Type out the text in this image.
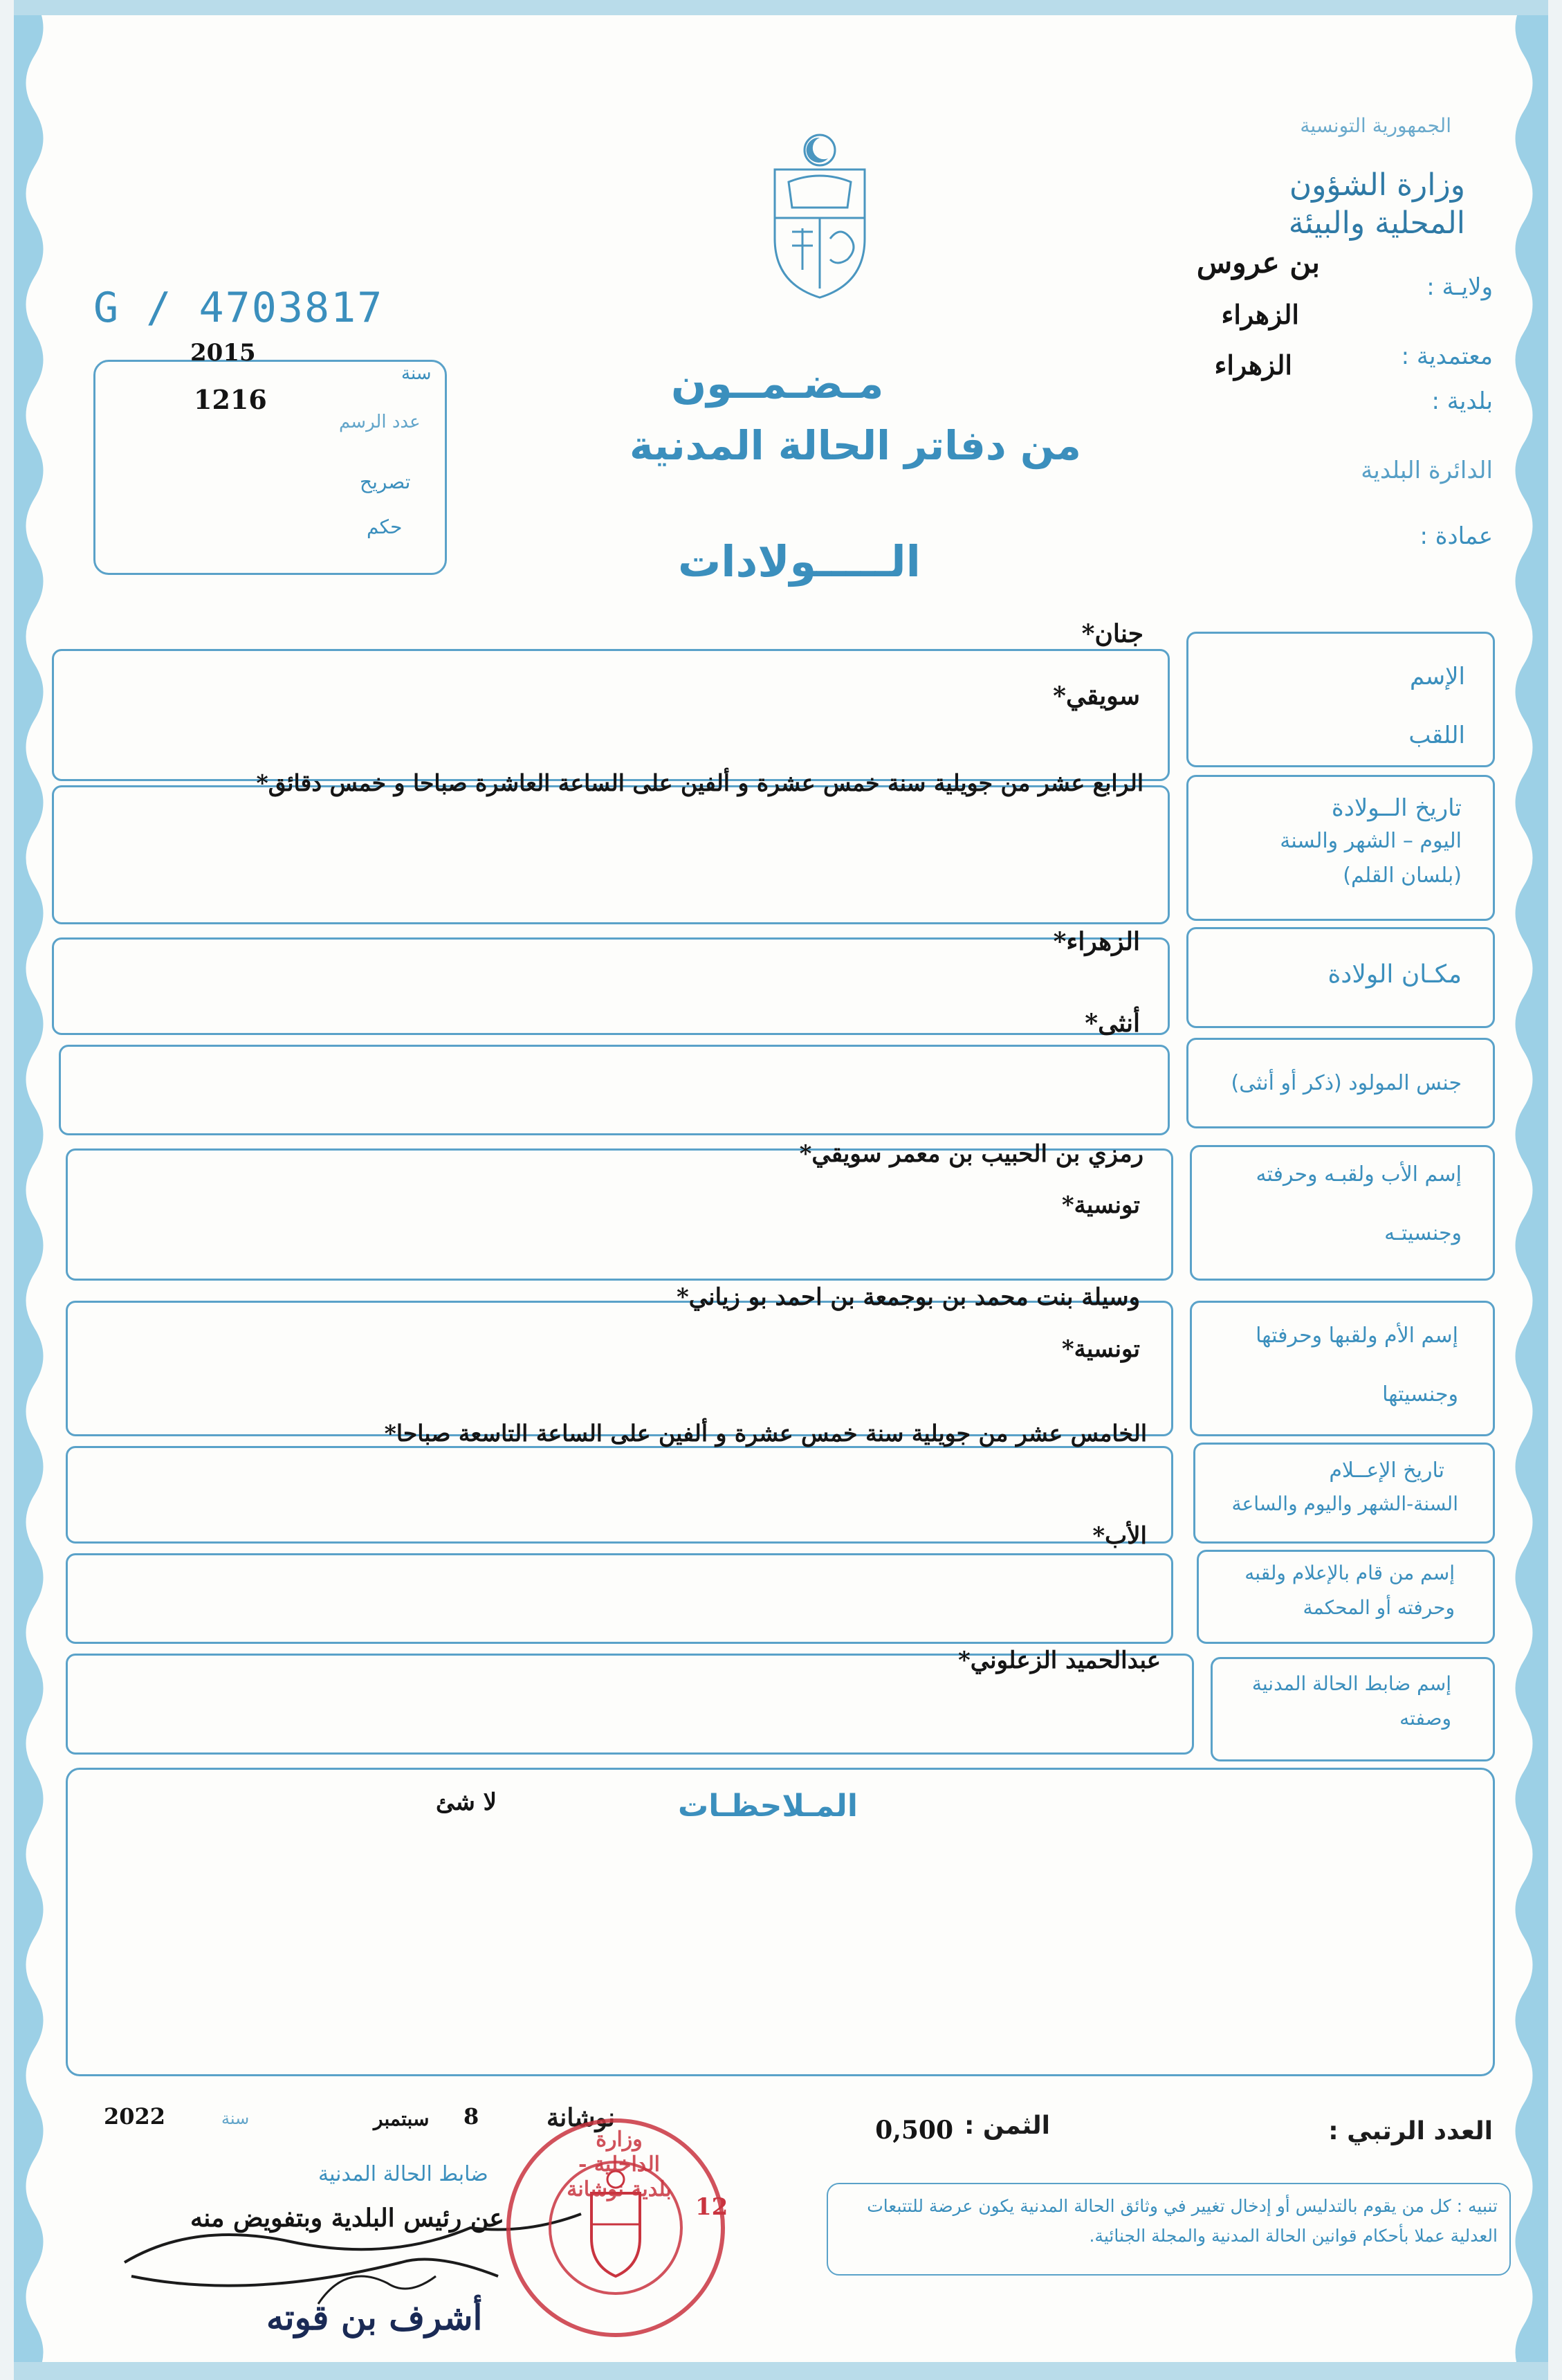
الجمهورية التونسية
وزارة الشؤون المحلية والبيئة
ولايـة :
بن عروس
معتمدية :
الزهراء
بلدية :
الزهراء
الدائرة البلدية
عمادة :
G / 4703817
سنة
2015
عدد الرسم
1216
تصريح
حكم
مـضـمــون
من دفاتر الحالة المدنية
الـــــولادات
الإسم
اللقب
جنان*
سويقي*
تاريخ الــولادة
اليوم – الشهر والسنة
(بلسان القلم)
الرابع عشر من جويلية سنة خمس عشرة و ألفين على الساعة العاشرة صباحا و خمس دقائق*
مكـان الولادة
الزهراء*
جنس المولود (ذكر أو أنثى)
أنثى*
إسم الأب ولقبـه وحرفته
وجنسيتـه
رمزي بن الحبيب بن معمر سويقي*
تونسية*
إسم الأم ولقبها وحرفتها
وجنسيتها
وسيلة بنت محمد بن بوجمعة بن احمد بو زياني*
تونسية*
تاريخ الإعــلام
السنة-الشهر واليوم والساعة
الخامس عشر من جويلية سنة خمس عشرة و ألفين على الساعة التاسعة صباحا*
إسم من قام بالإعلام ولقبه
وحرفته أو المحكمة
الأب*
إسم ضابط الحالة المدنية
وصفته
عبدالحميد الزعلوني*
المـلاحظـات
لا شئ
العدد الرتبي :
الثمن :
0,500
نوشانة
8
سبتمبر
سنة
2022
ضابط الحالة المدنية
عن رئيس البلدية وبتفويض منه
أشرف بن قوته
وزارة الداخلية - بلدية نوشانة
12	تنبيه : كل من يقوم بالتدليس أو إدخال تغيير في وثائق الحالة المدنية يكون عرضة للتتبعات العدلية عملا بأحكام قوانين الحالة المدنية والمجلة الجنائية.
